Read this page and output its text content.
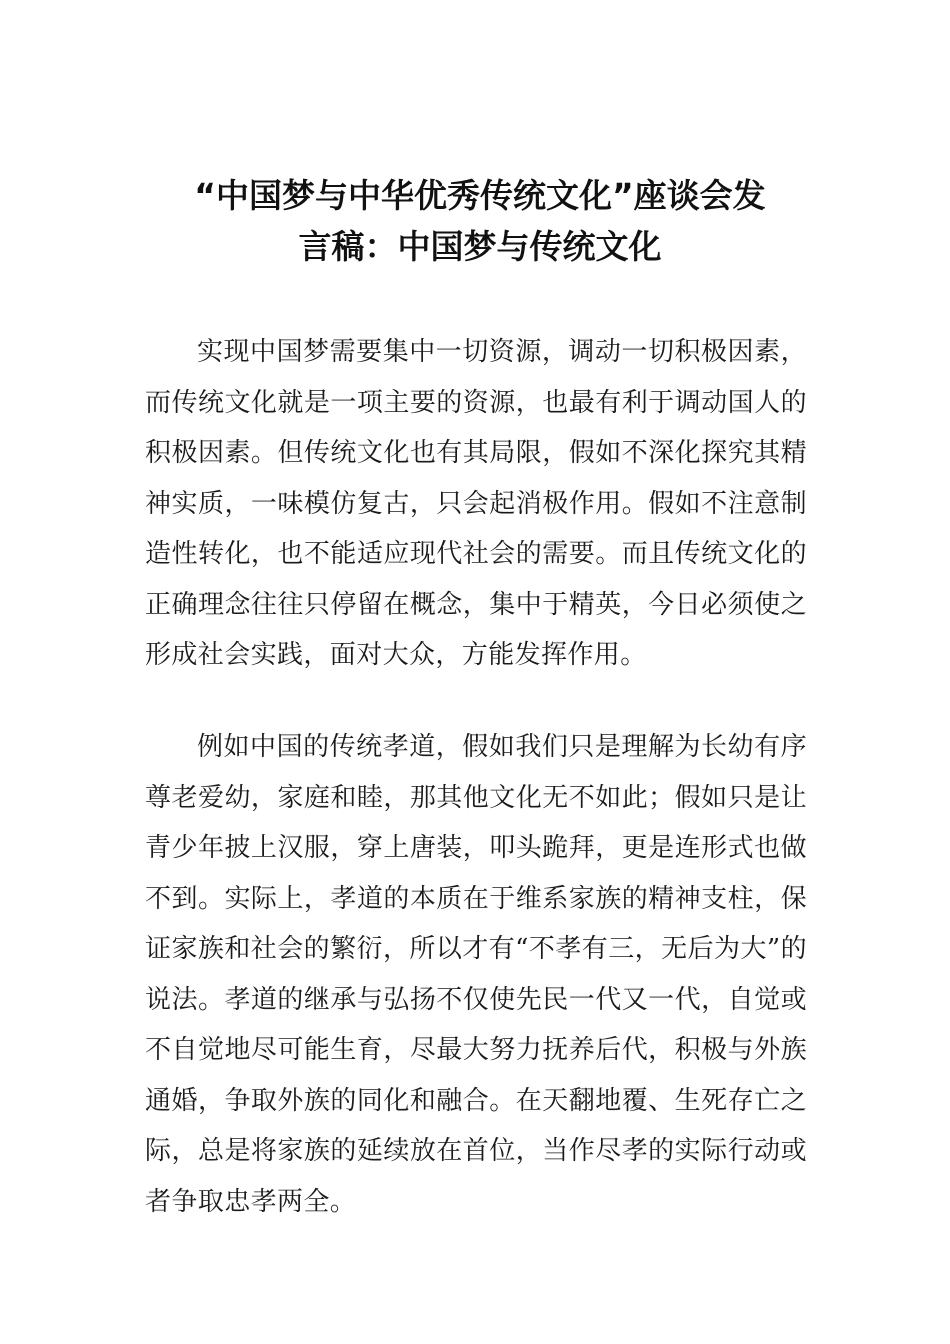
“中国梦与中华优秀传统文化”座谈会发
言稿：中国梦与传统文化

实现中国梦需要集中一切资源，调动一切积极因素，而传统文化就是一项主要的资源，也最有利于调动国人的积极因素。但传统文化也有其局限，假如不深化探究其精神实质，一味模仿复古，只会起消极作用。假如不注意制造性转化，也不能适应现代社会的需要。而且传统文化的正确理念往往只停留在概念，集中于精英，今日必须使之形成社会实践，面对大众，方能发挥作用。

例如中国的传统孝道，假如我们只是理解为长幼有序尊老爱幼，家庭和睦，那其他文化无不如此；假如只是让青少年披上汉服，穿上唐装，叩头跪拜，更是连形式也做不到。实际上，孝道的本质在于维系家族的精神支柱，保证家族和社会的繁衍，所以才有“不孝有三，无后为大”的说法。孝道的继承与弘扬不仅使先民一代又一代，自觉或不自觉地尽可能生育，尽最大努力抚养后代，积极与外族通婚，争取外族的同化和融合。在天翻地覆、生死存亡之际，总是将家族的延续放在首位，当作尽孝的实际行动或者争取忠孝两全。
